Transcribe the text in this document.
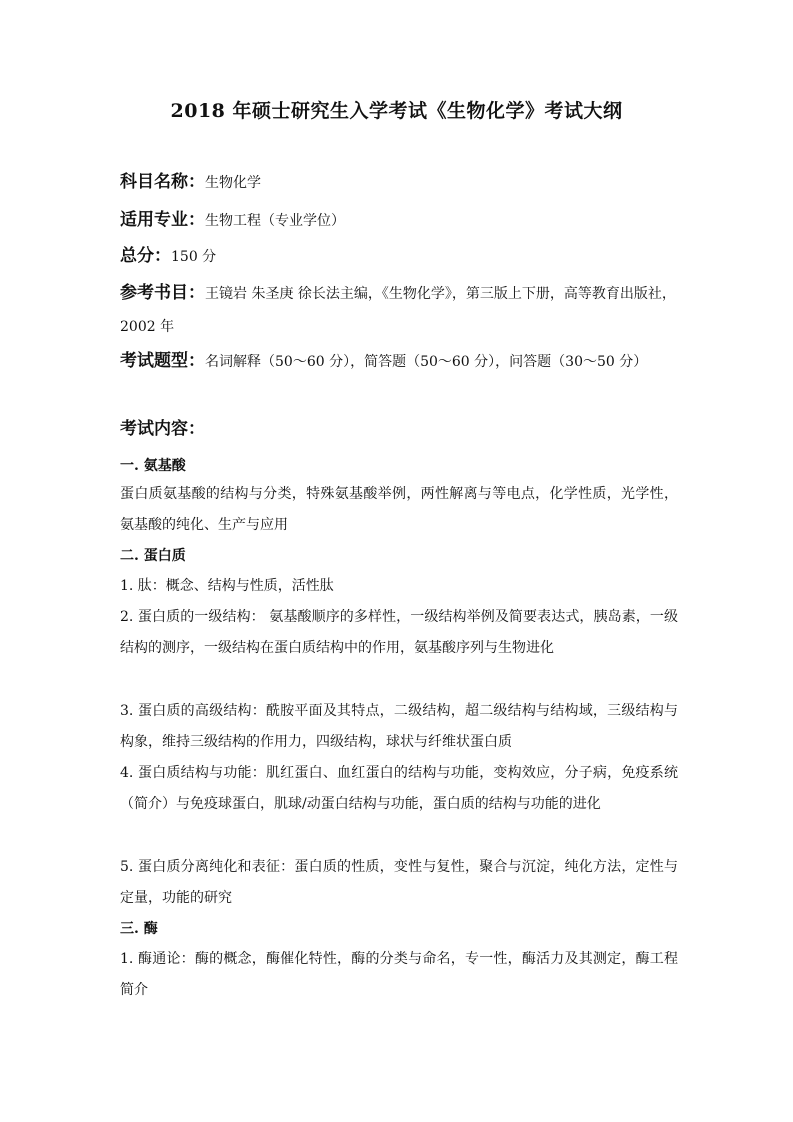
2018 年硕士研究生入学考试《生物化学》考试大纲
科目名称：生物化学
适用专业：生物工程（专业学位）
总分：150 分
参考书目：王镜岩 朱圣庚 徐长法主编，《生物化学》，第三版上下册，高等教育出版社，2002 年
考试题型：名词解释（50～60 分），简答题（50～60 分），问答题（30～50 分）
考试内容：
一. 氨基酸
蛋白质氨基酸的结构与分类，特殊氨基酸举例，两性解离与等电点，化学性质，光学性，氨基酸的纯化、生产与应用
二. 蛋白质
1. 肽：概念、结构与性质，活性肽
2. 蛋白质的一级结构： 氨基酸顺序的多样性，一级结构举例及简要表达式，胰岛素，一级结构的测序，一级结构在蛋白质结构中的作用，氨基酸序列与生物进化
3. 蛋白质的高级结构：酰胺平面及其特点，二级结构，超二级结构与结构域，三级结构与构象，维持三级结构的作用力，四级结构，球状与纤维状蛋白质
4. 蛋白质结构与功能：肌红蛋白、血红蛋白的结构与功能，变构效应，分子病，免疫系统（简介）与免疫球蛋白，肌球/动蛋白结构与功能，蛋白质的结构与功能的进化
5. 蛋白质分离纯化和表征：蛋白质的性质，变性与复性，聚合与沉淀，纯化方法，定性与定量，功能的研究
三. 酶
1. 酶通论：酶的概念，酶催化特性，酶的分类与命名，专一性，酶活力及其测定，酶工程简介
